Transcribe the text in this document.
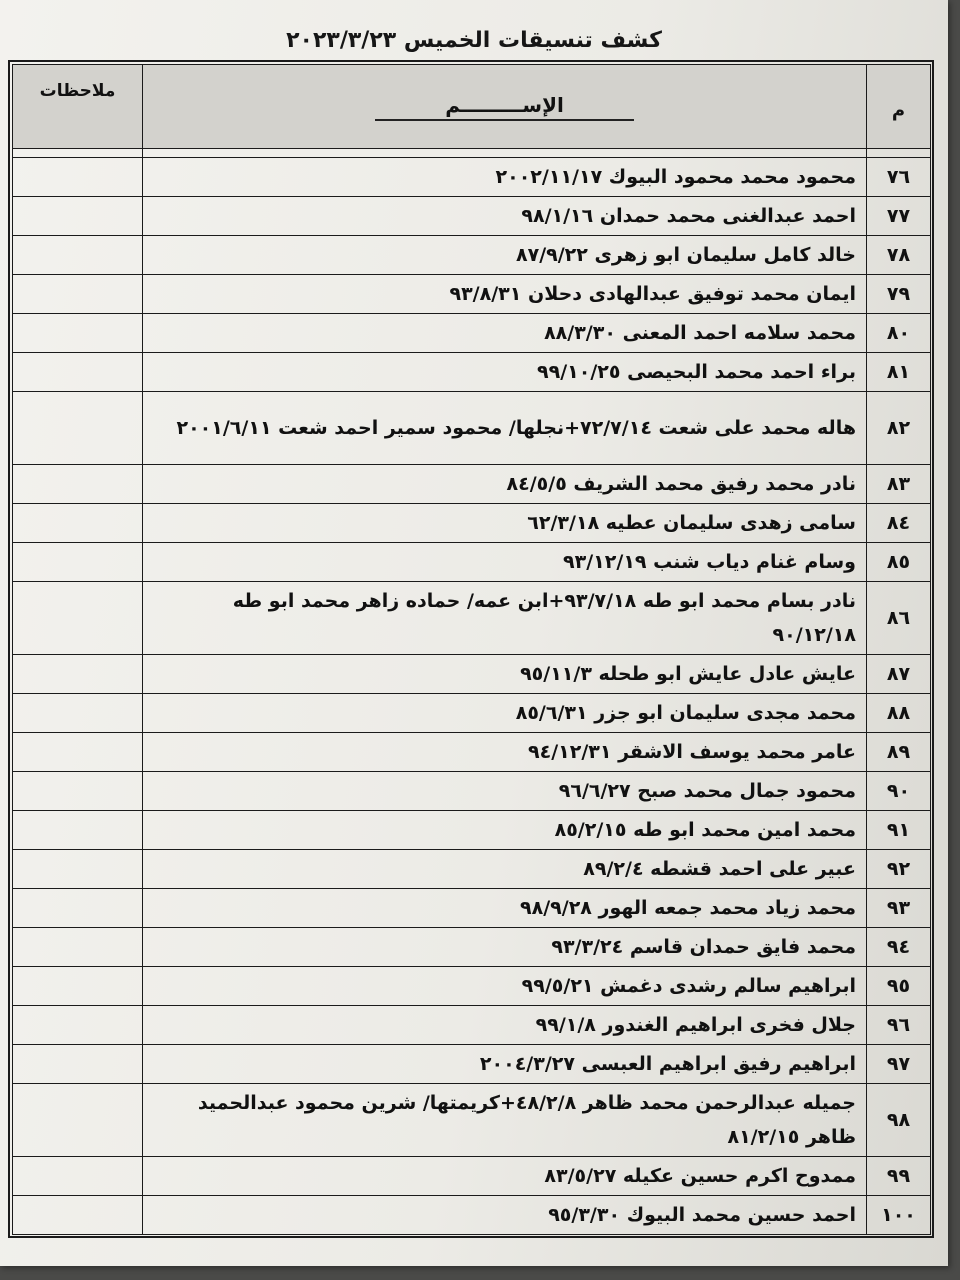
كشف تنسيقات الخميس ٢٠٢٣/٣/٢٣
م	الإســـــــــم	ملاحظات

٧٦	محمود محمد محمود البيوك ٢٠٠٢/١١/١٧	
٧٧	احمد عبدالغنى محمد حمدان ٩٨/١/١٦	
٧٨	خالد كامل سليمان ابو زهرى ٨٧/٩/٢٢	
٧٩	ايمان محمد توفيق عبدالهادى دحلان ٩٣/٨/٣١	
٨٠	محمد سلامه احمد المعنى ٨٨/٣/٣٠	
٨١	براء احمد محمد البحيصى ٩٩/١٠/٢٥	
٨٢	هاله محمد على شعت ٧٢/٧/١٤+نجلها/ محمود سمير احمد شعت ٢٠٠١/٦/١١	
٨٣	نادر محمد رفيق محمد الشريف ٨٤/٥/٥	
٨٤	سامى زهدى سليمان عطيه ٦٢/٣/١٨	
٨٥	وسام غنام دياب شنب ٩٣/١٢/١٩	
٨٦	نادر بسام محمد ابو طه ٩٣/٧/١٨+ابن عمه/ حماده زاهر محمد ابو طه ٩٠/١٢/١٨	
٨٧	عايش عادل عايش ابو طحله ٩٥/١١/٣	
٨٨	محمد مجدى سليمان ابو جزر ٨٥/٦/٣١	
٨٩	عامر محمد يوسف الاشقر ٩٤/١٢/٣١	
٩٠	محمود جمال محمد صبح ٩٦/٦/٢٧	
٩١	محمد امين محمد ابو طه ٨٥/٢/١٥	
٩٢	عبير على احمد قشطه ٨٩/٢/٤	
٩٣	محمد زياد محمد جمعه الهور ٩٨/٩/٢٨	
٩٤	محمد فايق حمدان قاسم ٩٣/٣/٢٤	
٩٥	ابراهيم سالم رشدى دغمش ٩٩/٥/٢١	
٩٦	جلال فخرى ابراهيم الغندور ٩٩/١/٨	
٩٧	ابراهيم رفيق ابراهيم العبسى ٢٠٠٤/٣/٢٧	
٩٨	جميله عبدالرحمن محمد ظاهر ٤٨/٢/٨+كريمتها/ شرين محمود عبدالحميد ظاهر ٨١/٢/١٥	
٩٩	ممدوح اكرم حسين عكيله ٨٣/٥/٢٧	
١٠٠	احمد حسين محمد البيوك ٩٥/٣/٣٠	
